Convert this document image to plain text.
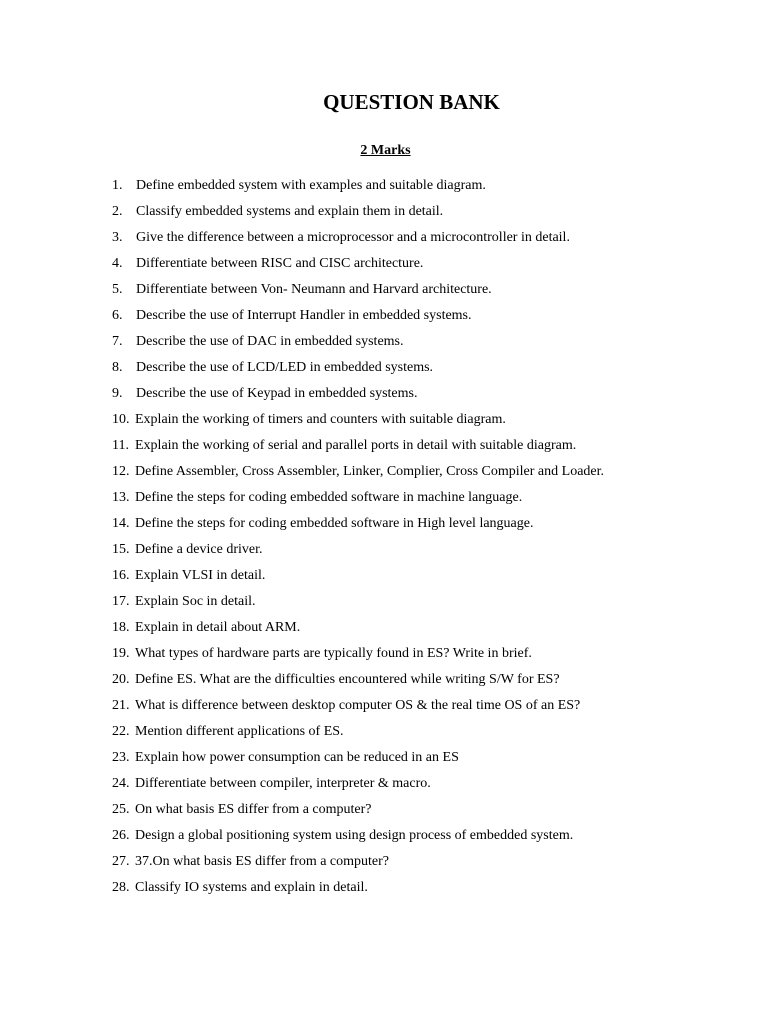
QUESTION BANK
2 Marks
1. Define embedded system with examples and suitable diagram.
2. Classify embedded systems and explain them in detail.
3. Give the difference between a microprocessor and a microcontroller in detail.
4. Differentiate between RISC and CISC architecture.
5. Differentiate between Von- Neumann and Harvard architecture.
6. Describe the use of Interrupt Handler in embedded systems.
7. Describe the use of DAC in embedded systems.
8. Describe the use of LCD/LED in embedded systems.
9. Describe the use of Keypad in embedded systems.
10. Explain the working of timers and counters with suitable diagram.
11. Explain the working of serial and parallel ports in detail with suitable diagram.
12. Define Assembler, Cross Assembler, Linker, Complier, Cross Compiler and Loader.
13. Define the steps for coding embedded software in machine language.
14. Define the steps for coding embedded software in High level language.
15. Define a device driver.
16. Explain VLSI in detail.
17. Explain Soc in detail.
18. Explain in detail about ARM.
19. What types of hardware parts are typically found in ES? Write in brief.
20. Define ES. What are the difficulties encountered while writing S/W for ES?
21. What is difference between desktop computer OS & the real time OS of an ES?
22. Mention different applications of ES.
23. Explain how power consumption can be reduced in an ES
24. Differentiate between compiler, interpreter & macro.
25. On what basis ES differ from a computer?
26. Design a global positioning system using design process of embedded system.
27. 37.On what basis ES differ from a computer?
28. Classify IO systems and explain in detail.
